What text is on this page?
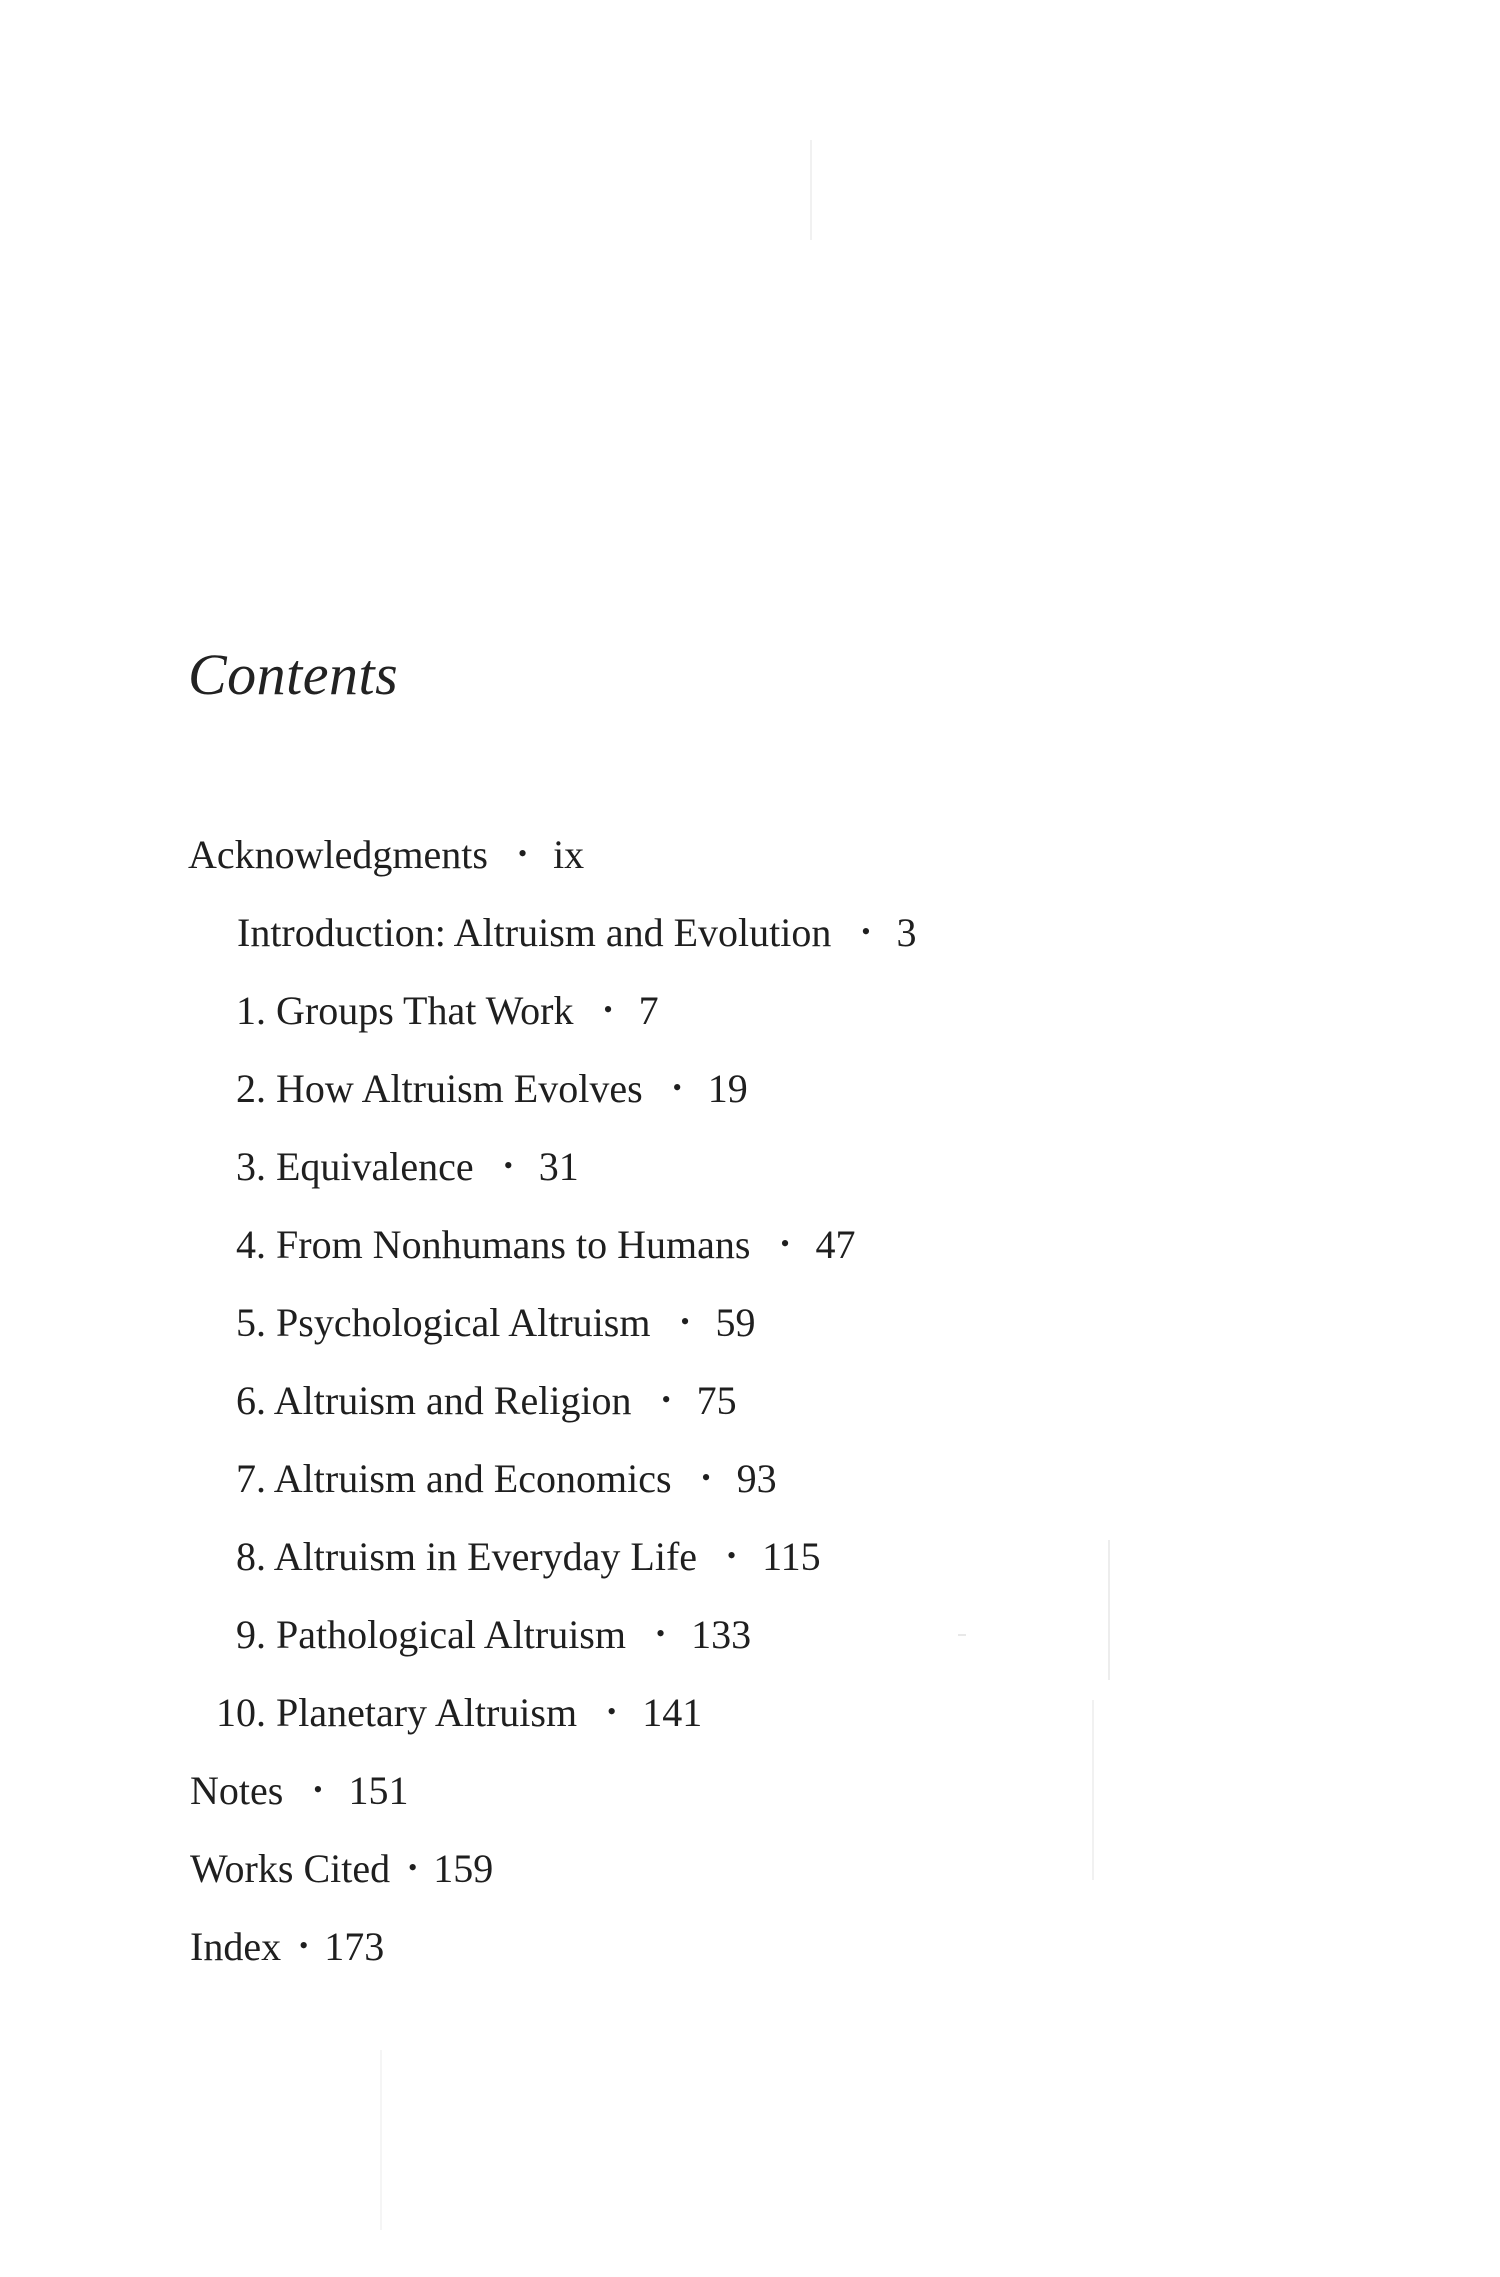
Contents
Acknowledgments • ix
Introduction: Altruism and Evolution • 3
1. Groups That Work • 7
2. How Altruism Evolves • 19
3. Equivalence • 31
4. From Nonhumans to Humans • 47
5. Psychological Altruism • 59
6. Altruism and Religion • 75
7. Altruism and Economics • 93
8. Altruism in Everyday Life • 115
9. Pathological Altruism • 133
10. Planetary Altruism • 141
Notes • 151
Works Cited • 159
Index • 173
